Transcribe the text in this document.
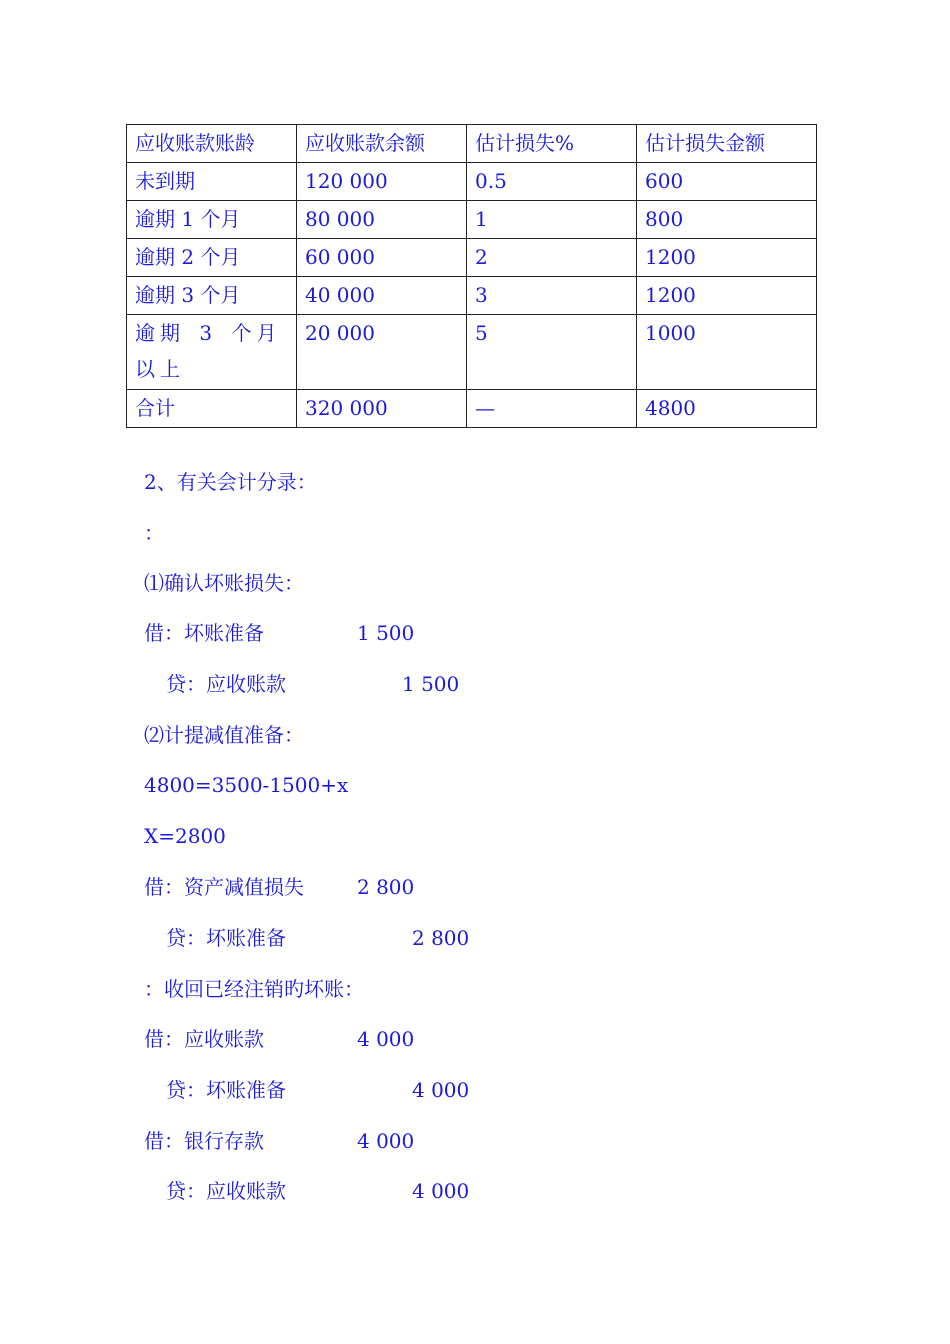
应收账款账龄	应收账款余额	估计损失%	估计损失金额
未到期	120 000	0.5	600
逾期 1 个月	80 000	1	800
逾期 2 个月	60 000	2	1200
逾期 3 个月	40 000	3	1200
逾期 3 个月以上	20 000	5	1000
合计	320 000	—	4800
2、有关会计分录：
：
⑴确认坏账损失：
借：坏账准备	1 500
贷：应收账款	1 500
⑵计提减值准备：
4800=3500-1500+x
X=2800
借：资产减值损失	2 800
贷：坏账准备	2 800
：收回已经注销旳坏账：
借：应收账款	4 000
贷：坏账准备	4 000
借：银行存款	4 000
贷：应收账款	4 000
